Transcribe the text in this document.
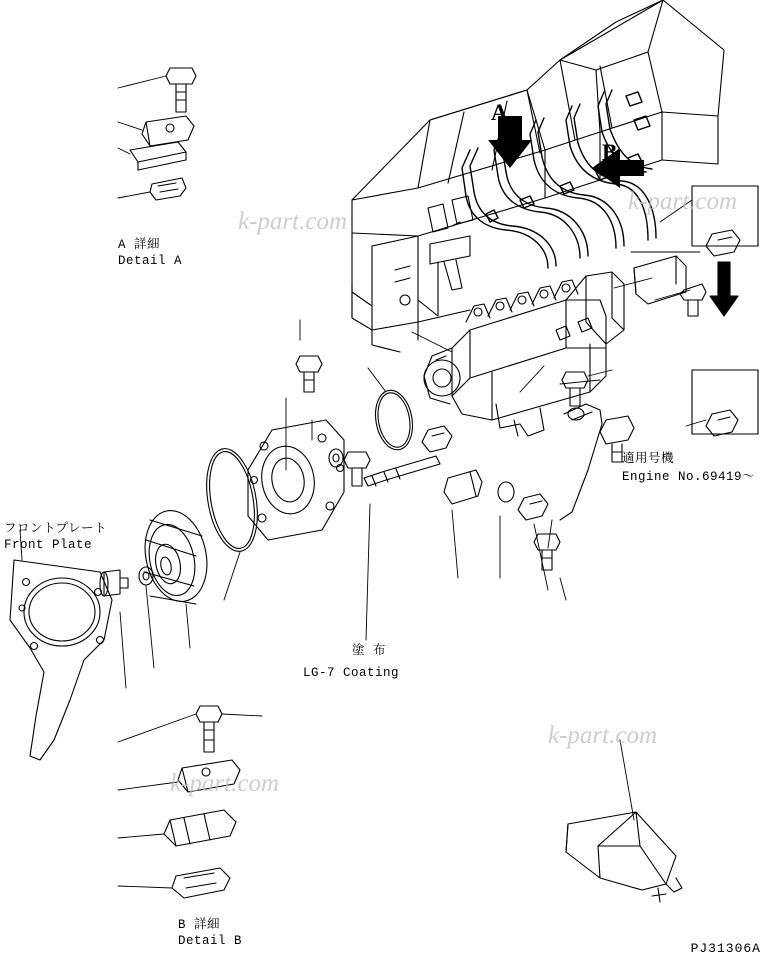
A
B
A 詳細
Detail A
B 詳細
Detail B
フロントプレート
Front Plate
塗 布
LG-7 Coating
適用号機
Engine No.69419〜
k-part.com
k-part.com
k-part.com
k-part.com
PJ31306A
